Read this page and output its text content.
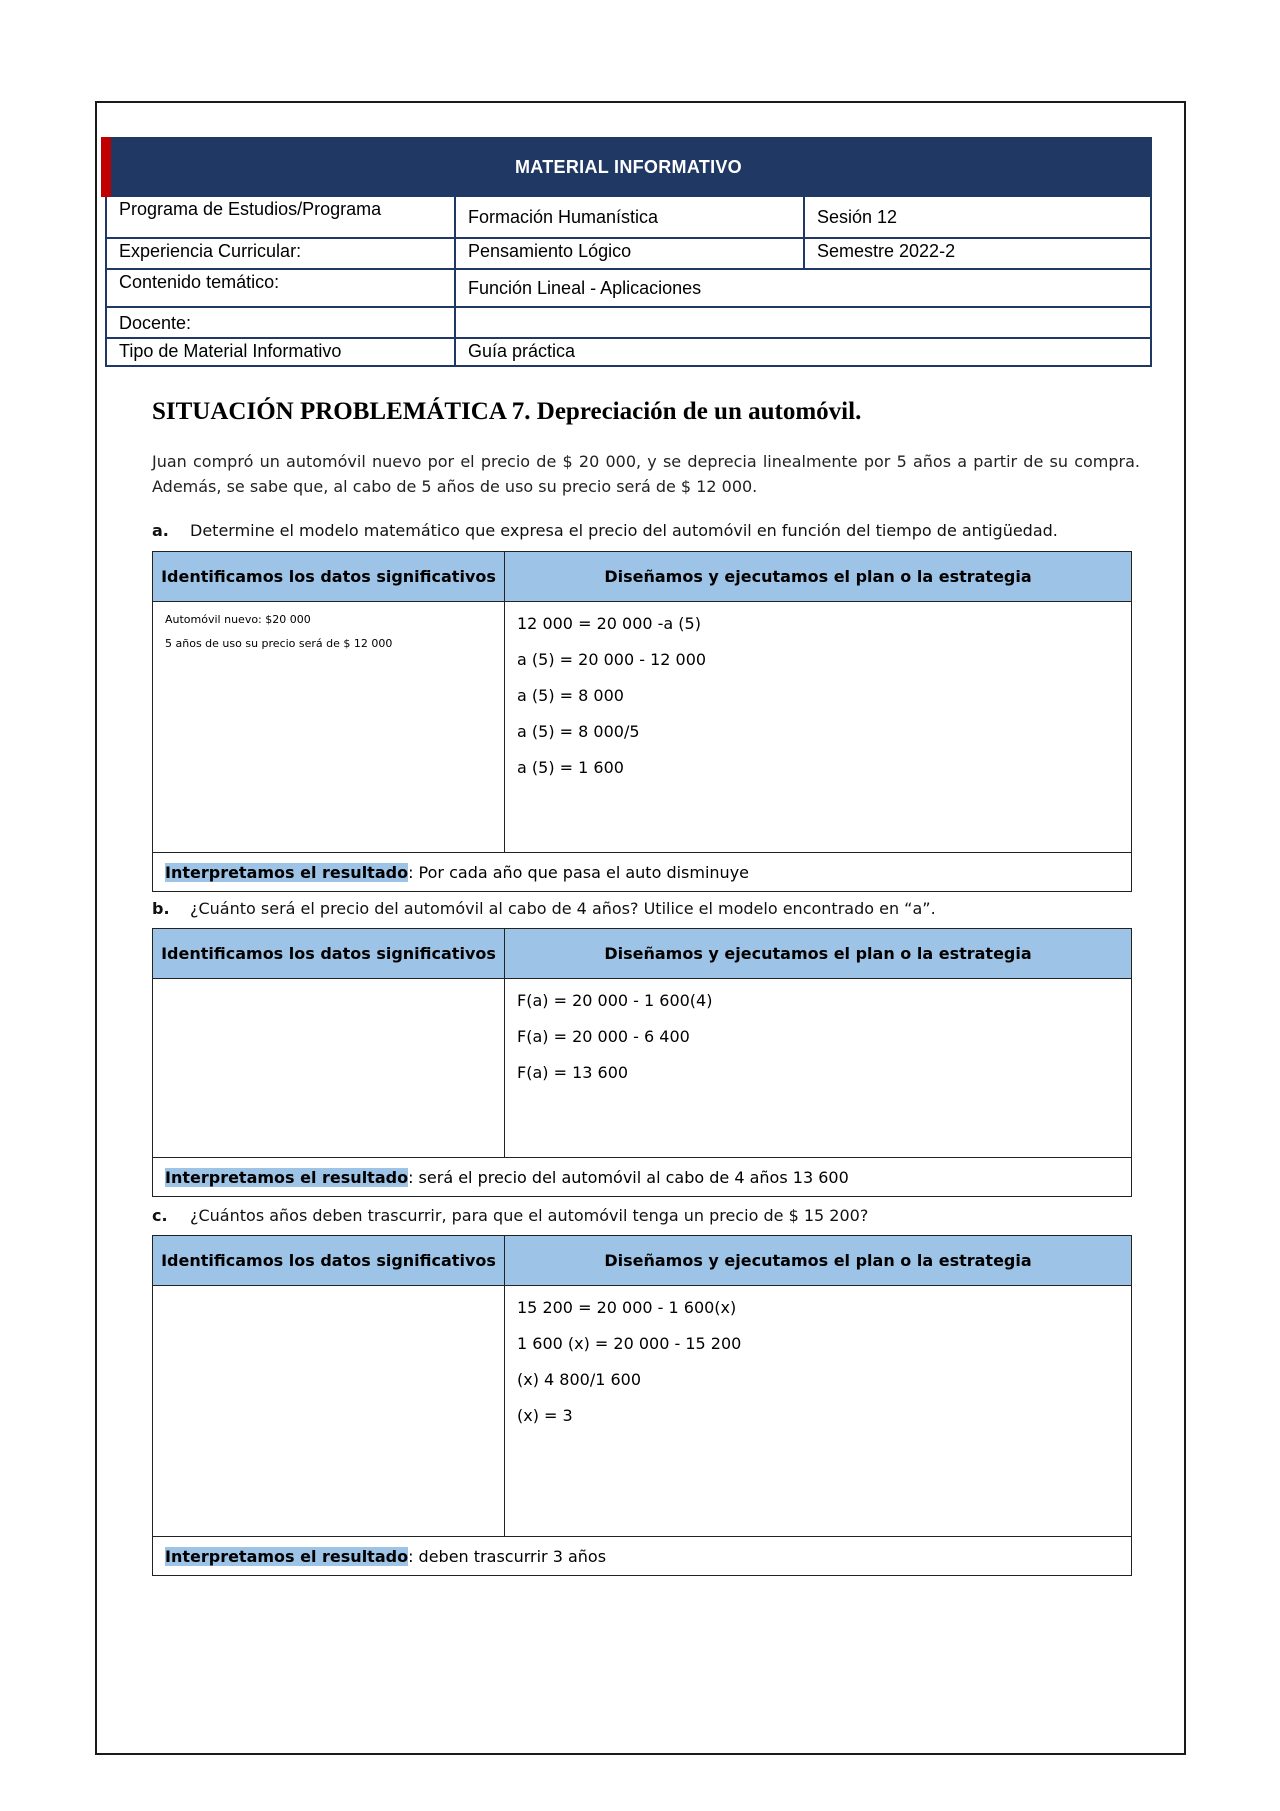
MATERIAL INFORMATIVO
Programa de Estudios/Programa	Formación Humanística	Sesión 12
Experiencia Curricular:	Pensamiento Lógico	Semestre 2022-2
Contenido temático:	Función Lineal - Aplicaciones
Docente:
Tipo de Material Informativo	Guía práctica
SITUACIÓN PROBLEMÁTICA 7. Depreciación de un automóvil.
Juan compró un automóvil nuevo por el precio de $ 20 000, y se deprecia linealmente por 5 años a partir de su compra. Además, se sabe que, al cabo de 5 años de uso su precio será de $ 12 000.
a. Determine el modelo matemático que expresa el precio del automóvil en función del tiempo de antigüedad.
Identificamos los datos significativos	Diseñamos y ejecutamos el plan o la estrategia
Automóvil nuevo: $20 000
5 años de uso su precio será de $ 12 000
12 000 = 20 000 -a (5)
a (5) = 20 000 - 12 000
a (5) = 8 000
a (5) = 8 000/5
a (5) = 1 600
Interpretamos el resultado : Por cada año que pasa el auto disminuye
b. ¿Cuánto será el precio del automóvil al cabo de 4 años? Utilice el modelo encontrado en “a”.
Identificamos los datos significativos	Diseñamos y ejecutamos el plan o la estrategia
F(a) = 20 000 - 1 600(4)
F(a) = 20 000 - 6 400
F(a) = 13 600
Interpretamos el resultado : será el precio del automóvil al cabo de 4 años 13 600
c. ¿Cuántos años deben trascurrir, para que el automóvil tenga un precio de $ 15 200?
Identificamos los datos significativos	Diseñamos y ejecutamos el plan o la estrategia
15 200 = 20 000 - 1 600(x)
1 600 (x) = 20 000 - 15 200
(x) 4 800/1 600
(x) = 3
Interpretamos el resultado : deben trascurrir 3 años
